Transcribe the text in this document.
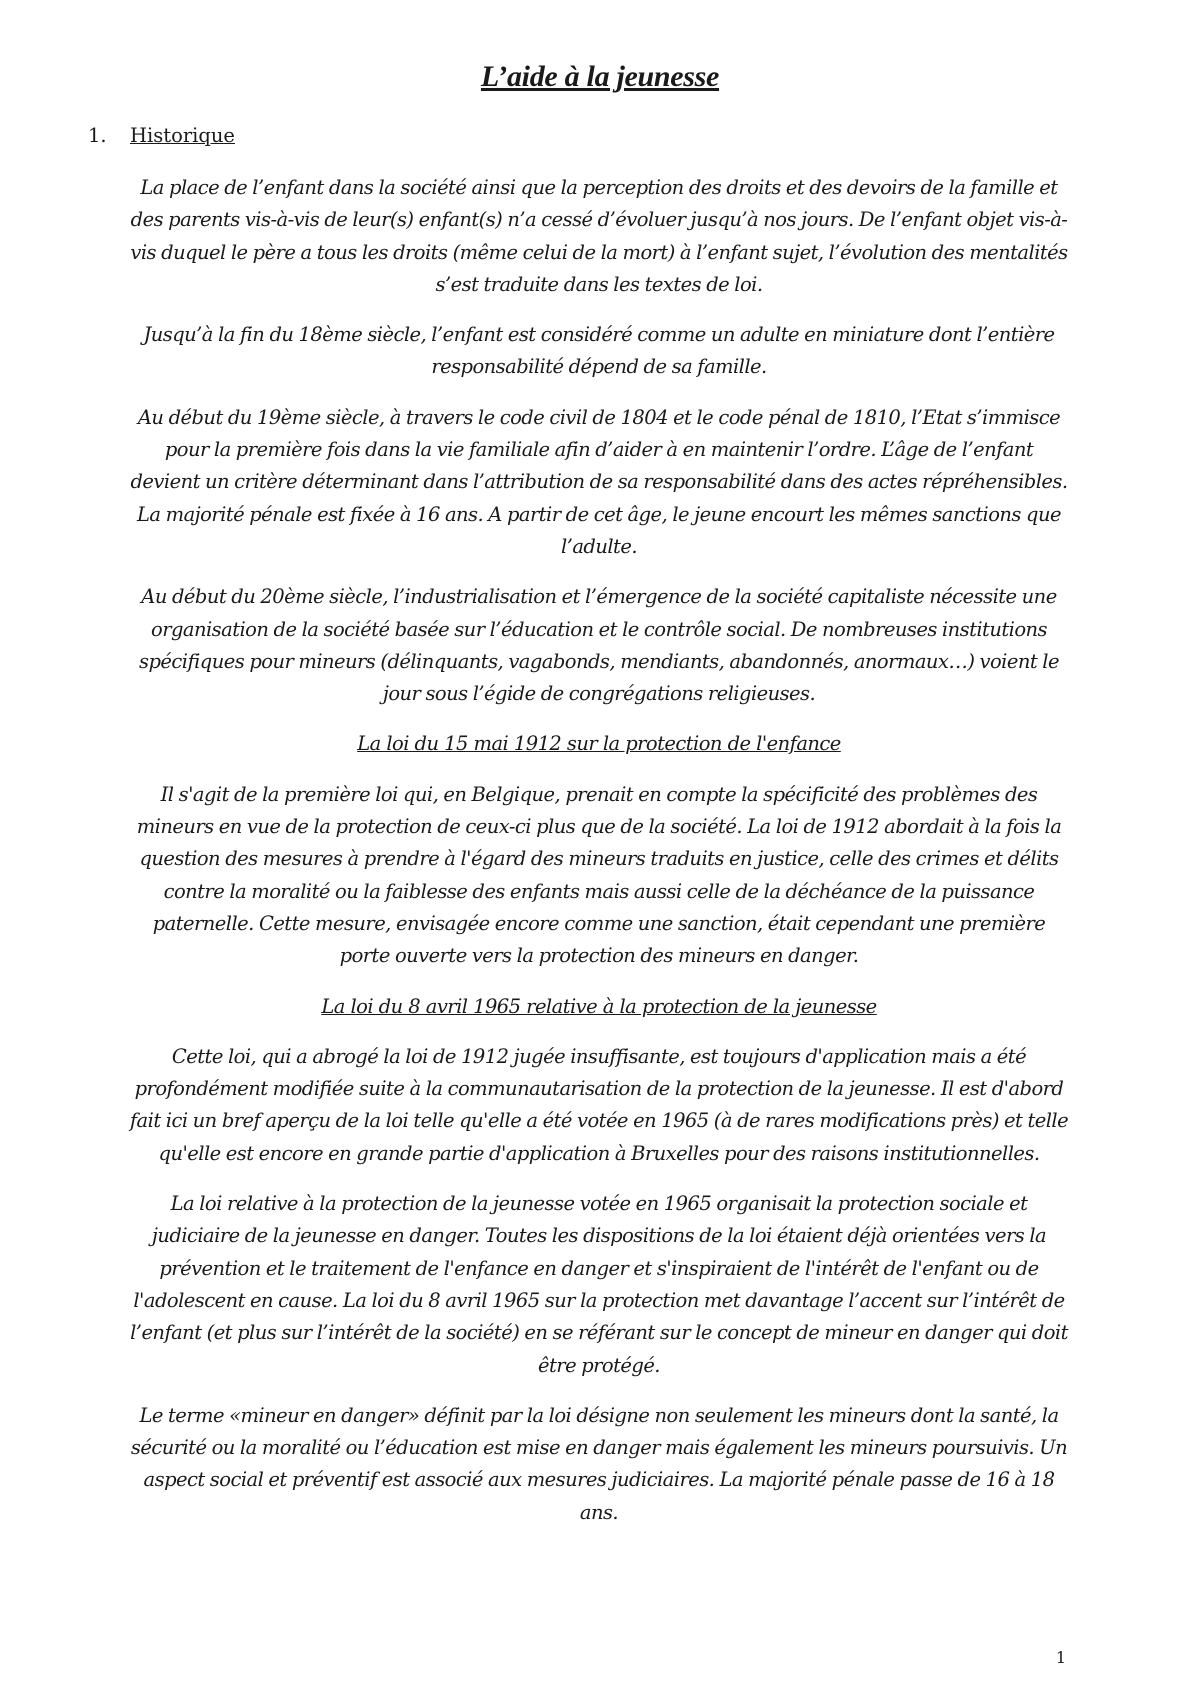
L’aide à la jeunesse
1. Historique

La place de l’enfant dans la société ainsi que la perception des droits et des devoirs de la famille et des parents vis-à-vis de leur(s) enfant(s) n’a cessé d’évoluer jusqu’à nos jours. De l’enfant objet vis-à-vis duquel le père a tous les droits (même celui de la mort) à l’enfant sujet, l’évolution des mentalités s’est traduite dans les textes de loi.

Jusqu’à la fin du 18ème siècle, l’enfant est considéré comme un adulte en miniature dont l’entière responsabilité dépend de sa famille.

Au début du 19ème siècle, à travers le code civil de 1804 et le code pénal de 1810, l’Etat s’immisce pour la première fois dans la vie familiale afin d’aider à en maintenir l’ordre. L’âge de l’enfant devient un critère déterminant dans l’attribution de sa responsabilité dans des actes répréhensibles. La majorité pénale est fixée à 16 ans. A partir de cet âge, le jeune encourt les mêmes sanctions que l’adulte.

Au début du 20ème siècle, l’industrialisation et l’émergence de la société capitaliste nécessite une organisation de la société basée sur l’éducation et le contrôle social. De nombreuses institutions spécifiques pour mineurs (délinquants, vagabonds, mendiants, abandonnés, anormaux…) voient le jour sous l’égide de congrégations religieuses.

La loi du 15 mai 1912 sur la protection de l'enfance

Il s'agit de la première loi qui, en Belgique, prenait en compte la spécificité des problèmes des mineurs en vue de la protection de ceux-ci plus que de la société. La loi de 1912 abordait à la fois la question des mesures à prendre à l'égard des mineurs traduits en justice, celle des crimes et délits contre la moralité ou la faiblesse des enfants mais aussi celle de la déchéance de la puissance paternelle. Cette mesure, envisagée encore comme une sanction, était cependant une première porte ouverte vers la protection des mineurs en danger.

La loi du 8 avril 1965 relative à la protection de la jeunesse

Cette loi, qui a abrogé la loi de 1912 jugée insuffisante, est toujours d'application mais a été profondément modifiée suite à la communautarisation de la protection de la jeunesse. Il est d'abord fait ici un bref aperçu de la loi telle qu'elle a été votée en 1965 (à de rares modifications près) et telle qu'elle est encore en grande partie d'application à Bruxelles pour des raisons institutionnelles.

La loi relative à la protection de la jeunesse votée en 1965 organisait la protection sociale et judiciaire de la jeunesse en danger. Toutes les dispositions de la loi étaient déjà orientées vers la prévention et le traitement de l'enfance en danger et s'inspiraient de l'intérêt de l'enfant ou de l'adolescent en cause. La loi du 8 avril 1965 sur la protection met davantage l’accent sur l’intérêt de l’enfant (et plus sur l’intérêt de la société) en se référant sur le concept de mineur en danger qui doit être protégé.

Le terme «mineur en danger» définit par la loi désigne non seulement les mineurs dont la santé, la sécurité ou la moralité ou l’éducation est mise en danger mais également les mineurs poursuivis. Un aspect social et préventif est associé aux mesures judiciaires. La majorité pénale passe de 16 à 18 ans.

1
